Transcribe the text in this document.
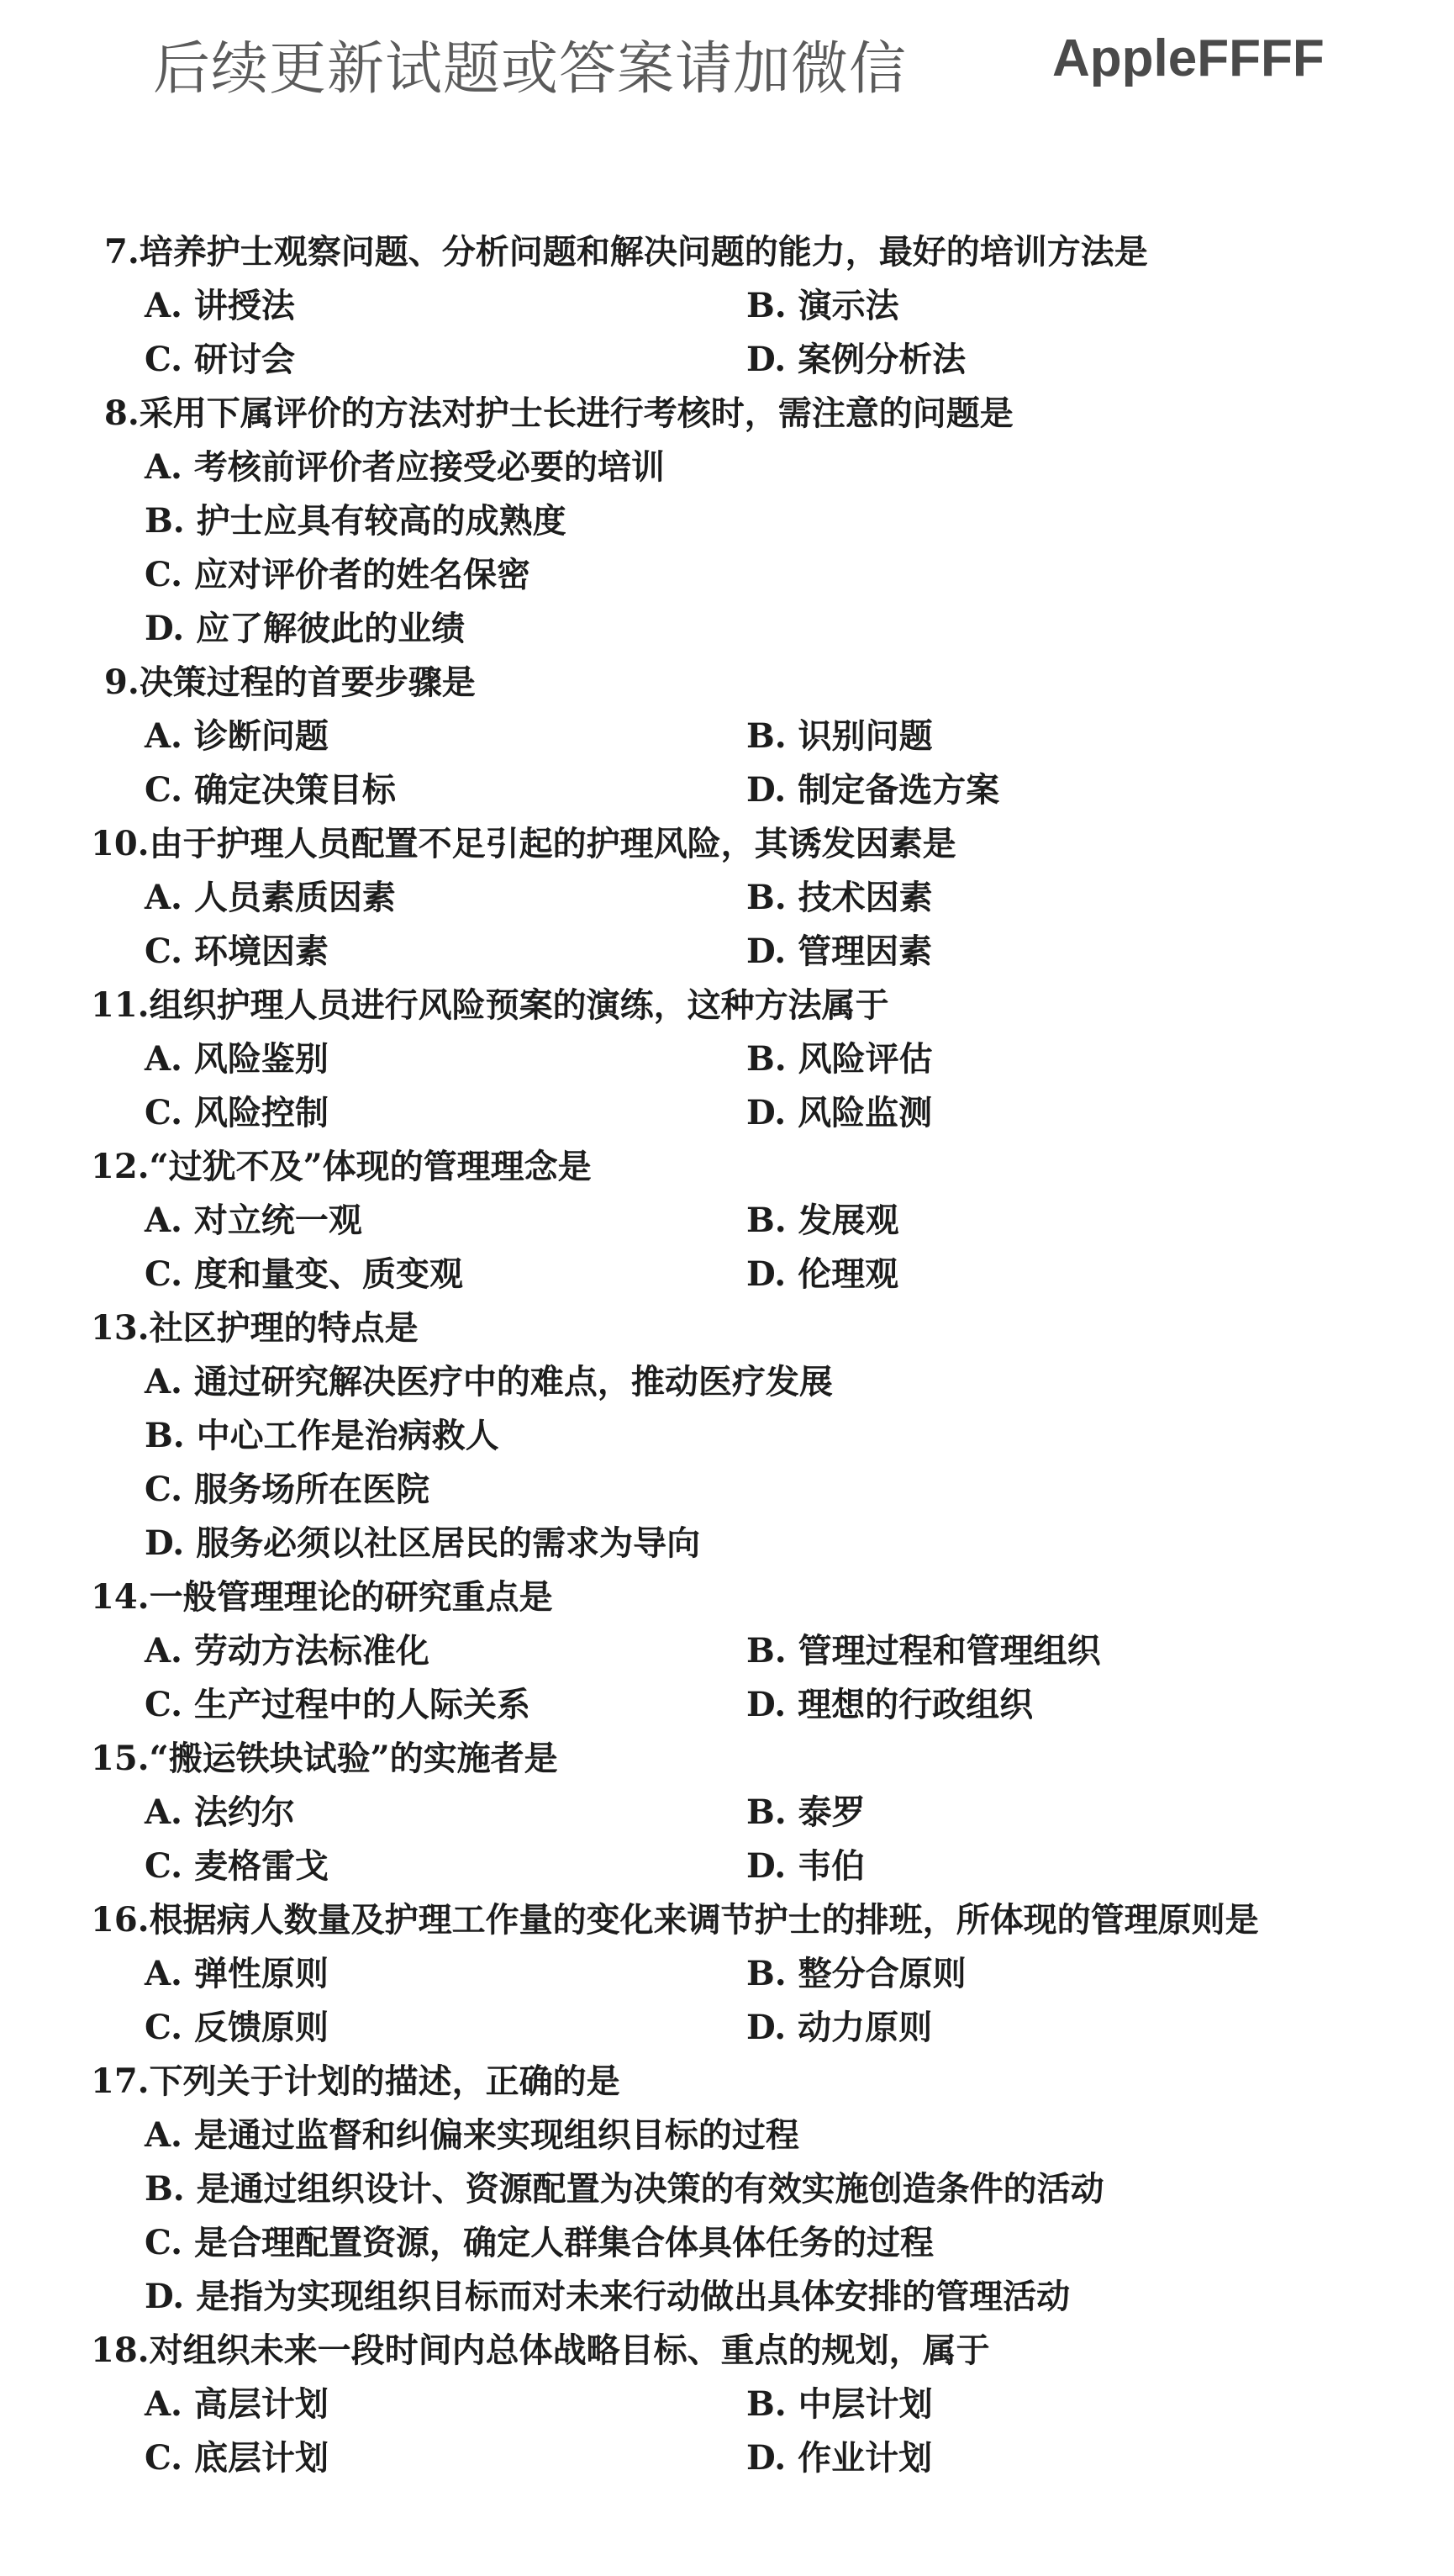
后续更新试题或答案请加微信	AppleFFFF
7.培养护士观察问题、分析问题和解决问题的能力，最好的培训方法是
A. 讲授法	B. 演示法
C. 研讨会	D. 案例分析法
8.采用下属评价的方法对护士长进行考核时，需注意的问题是
A. 考核前评价者应接受必要的培训
B. 护士应具有较高的成熟度
C. 应对评价者的姓名保密
D. 应了解彼此的业绩
9.决策过程的首要步骤是
A. 诊断问题	B. 识别问题
C. 确定决策目标	D. 制定备选方案
10.由于护理人员配置不足引起的护理风险，其诱发因素是
A. 人员素质因素	B. 技术因素
C. 环境因素	D. 管理因素
11.组织护理人员进行风险预案的演练，这种方法属于
A. 风险鉴别	B. 风险评估
C. 风险控制	D. 风险监测
12.“过犹不及”体现的管理理念是
A. 对立统一观	B. 发展观
C. 度和量变、质变观	D. 伦理观
13.社区护理的特点是
A. 通过研究解决医疗中的难点，推动医疗发展
B. 中心工作是治病救人
C. 服务场所在医院
D. 服务必须以社区居民的需求为导向
14.一般管理理论的研究重点是
A. 劳动方法标准化	B. 管理过程和管理组织
C. 生产过程中的人际关系	D. 理想的行政组织
15.“搬运铁块试验”的实施者是
A. 法约尔	B. 泰罗
C. 麦格雷戈	D. 韦伯
16.根据病人数量及护理工作量的变化来调节护士的排班，所体现的管理原则是
A. 弹性原则	B. 整分合原则
C. 反馈原则	D. 动力原则
17.下列关于计划的描述，正确的是
A. 是通过监督和纠偏来实现组织目标的过程
B. 是通过组织设计、资源配置为决策的有效实施创造条件的活动
C. 是合理配置资源，确定人群集合体具体任务的过程
D. 是指为实现组织目标而对未来行动做出具体安排的管理活动
18.对组织未来一段时间内总体战略目标、重点的规划，属于
A. 高层计划	B. 中层计划
C. 底层计划	D. 作业计划
